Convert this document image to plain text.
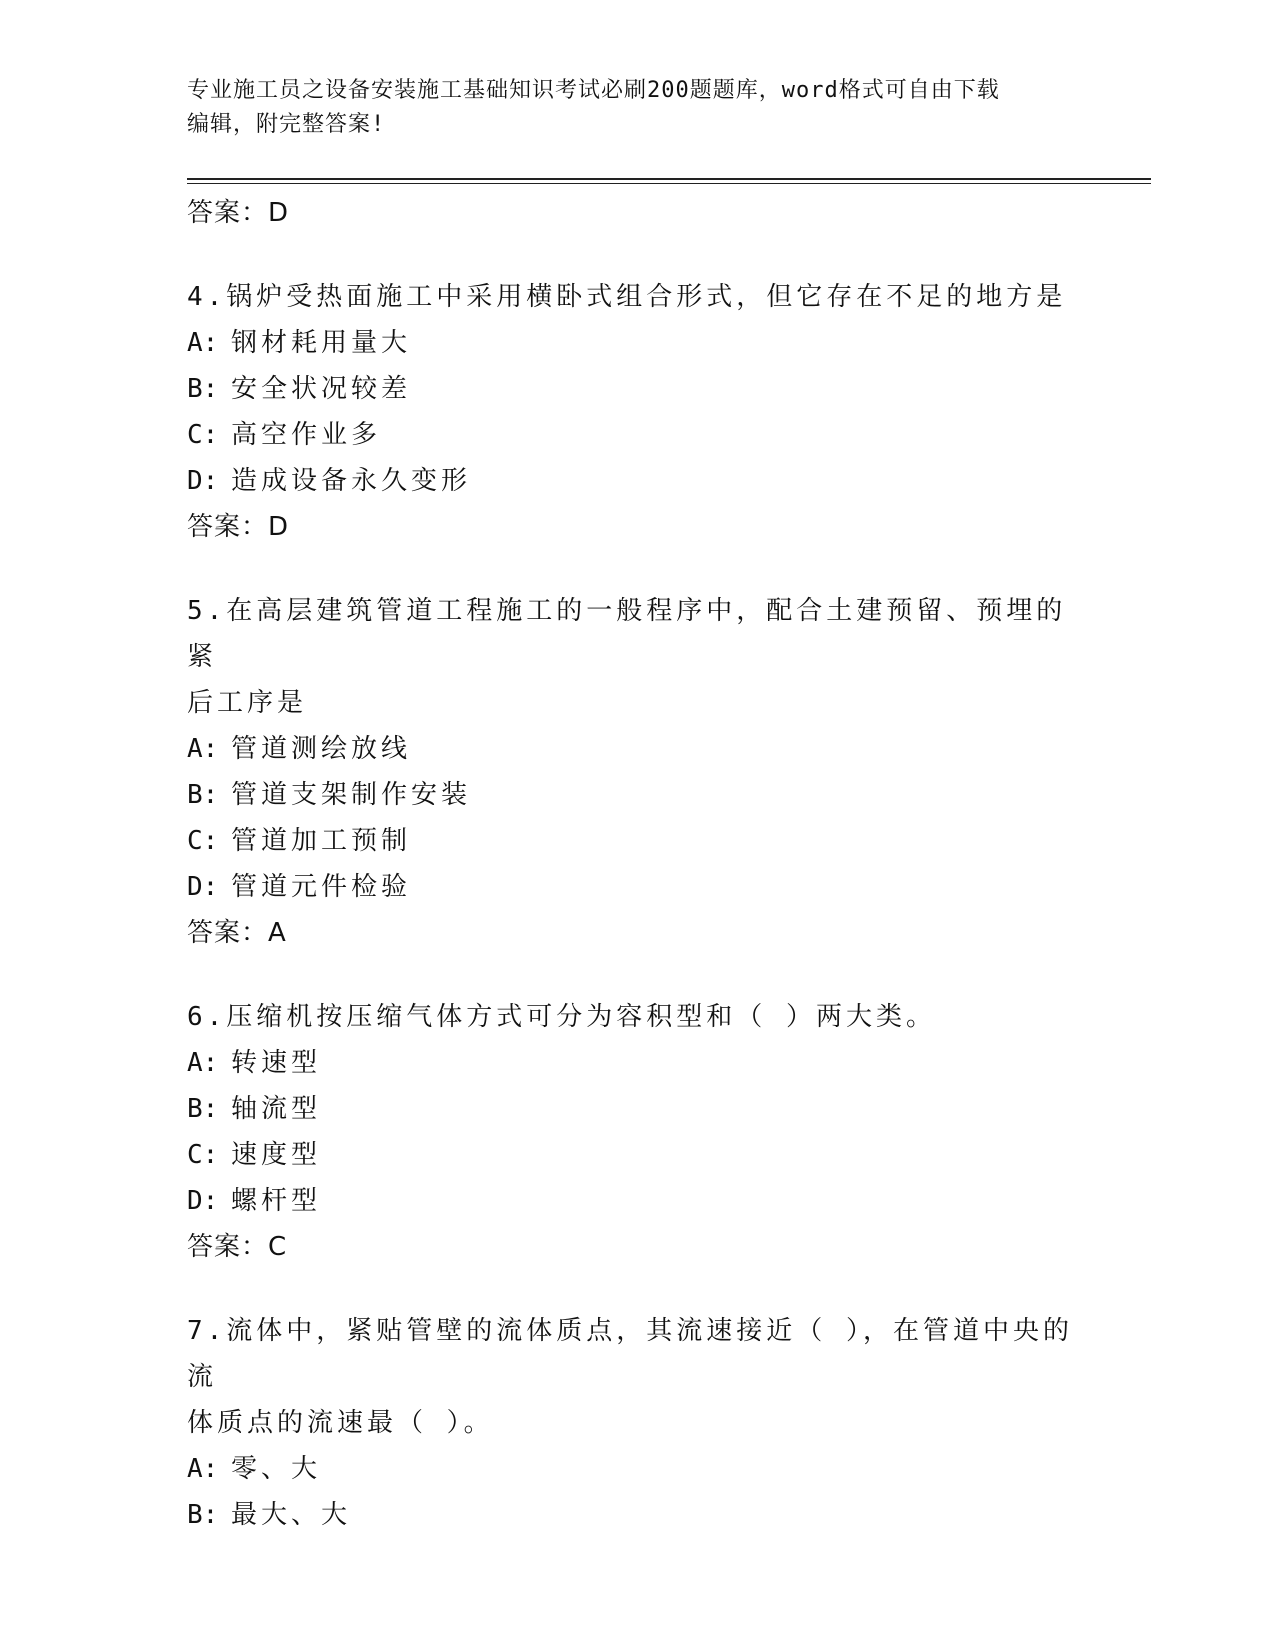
专业施工员之设备安装施工基础知识考试必刷200题题库，word格式可自由下载
编辑，附完整答案!
答案：D
4.锅炉受热面施工中采用横卧式组合形式，但它存在不足的地方是
A: 钢材耗用量大
B: 安全状况较差
C: 高空作业多
D: 造成设备永久变形
答案：D
5.在高层建筑管道工程施工的一般程序中，配合土建预留、预埋的紧
后工序是
A: 管道测绘放线
B: 管道支架制作安装
C: 管道加工预制
D: 管道元件检验
答案：A
6.压缩机按压缩气体方式可分为容积型和（ ）两大类。
A: 转速型
B: 轴流型
C: 速度型
D: 螺杆型
答案：C
7.流体中，紧贴管壁的流体质点，其流速接近（ ），在管道中央的流
体质点的流速最（ ）。
A: 零、大
B: 最大、大
